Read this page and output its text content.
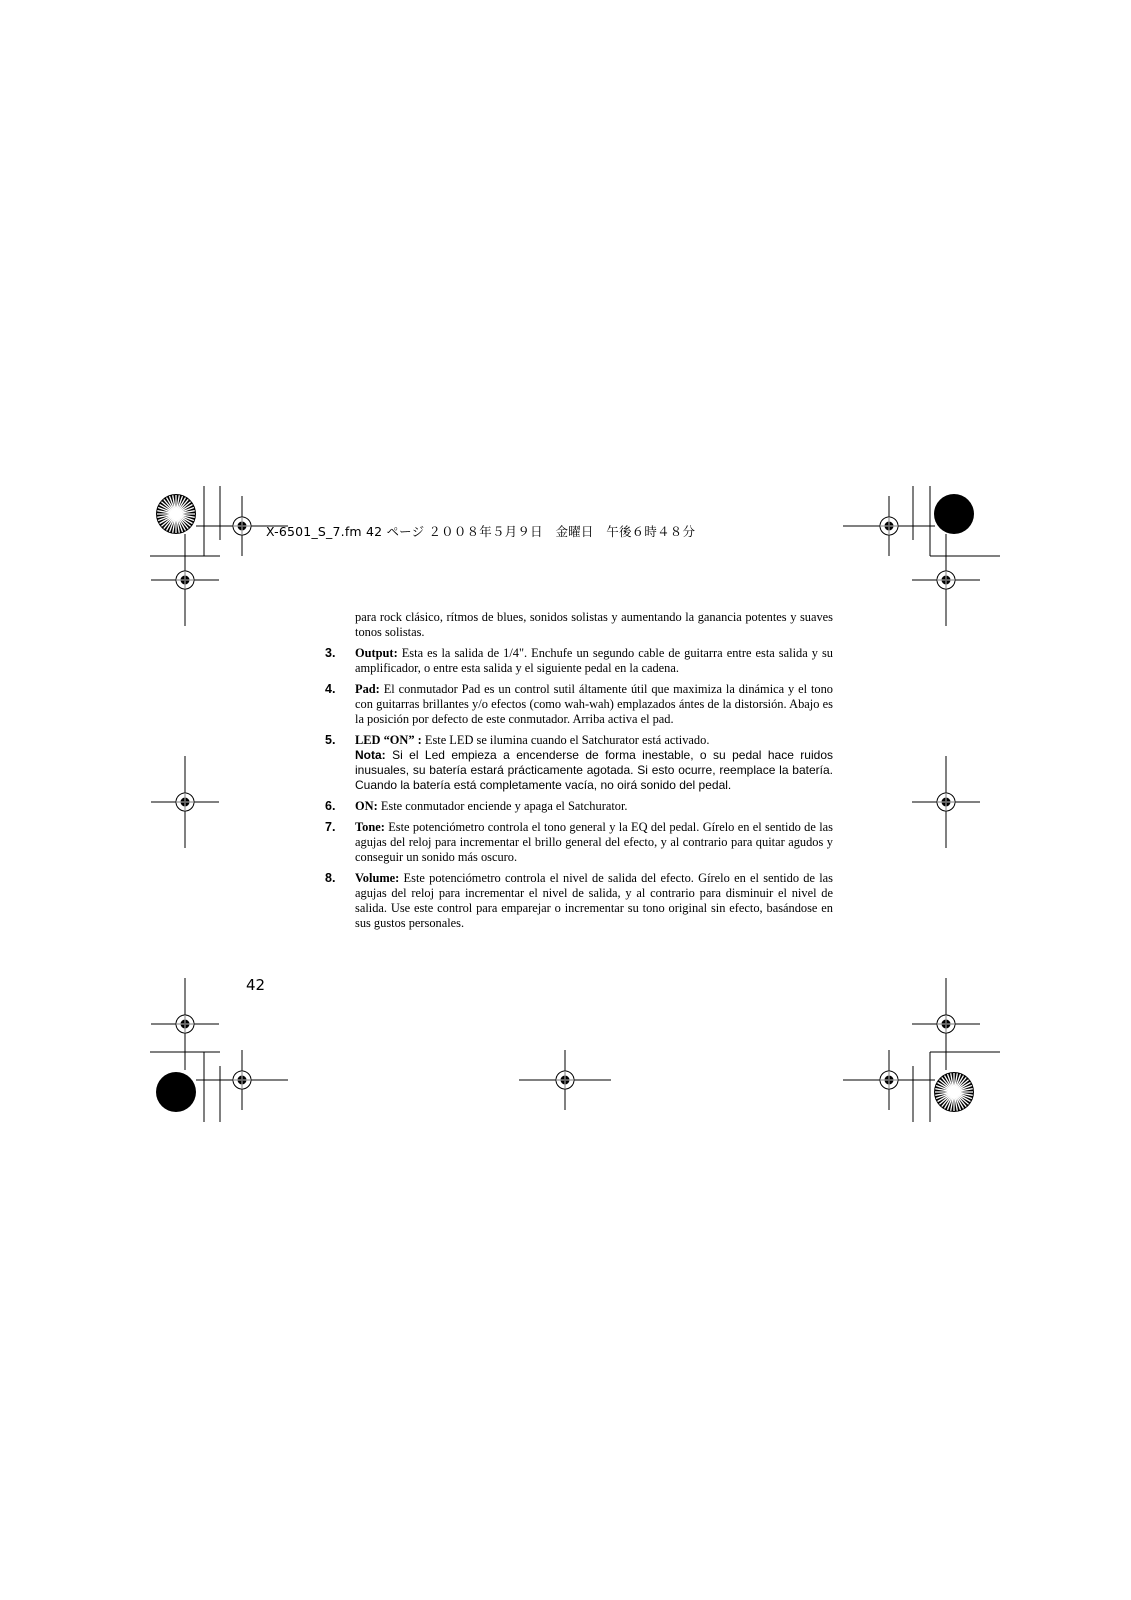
X-6501_S_7.fm 42 ページ ２００８年５月９日　金曜日　午後６時４８分

para rock clásico, rítmos de blues, sonidos solistas y aumentando la ganancia potentes y suaves tonos solistas.

3. Output: Esta es la salida de 1/4". Enchufe un segundo cable de guitarra entre esta salida y su amplificador, o entre esta salida y el siguiente pedal en la cadena.
4. Pad: El conmutador Pad es un control sutil áltamente útil que maximiza la dinámica y el tono con guitarras brillantes y/o efectos (como wah-wah) emplazados ántes de la distorsión. Abajo es la posición por defecto de este conmutador. Arriba activa el pad.
5. LED “ON” : Este LED se ilumina cuando el Satchurator está activado.
Nota: Si el Led empieza a encenderse de forma inestable, o su pedal hace ruidos inusuales, su batería estará prácticamente agotada. Si esto ocurre, reemplace la batería. Cuando la batería está completamente vacía, no oirá sonido del pedal.
6. ON: Este conmutador enciende y apaga el Satchurator.
7. Tone: Este potenciómetro controla el tono general y la EQ del pedal. Gírelo en el sentido de las agujas del reloj para incrementar el brillo general del efecto, y al contrario para quitar agudos y conseguir un sonido más oscuro.
8. Volume: Este potenciómetro controla el nivel de salida del efecto. Gírelo en el sentido de las agujas del reloj para incrementar el nivel de salida, y al contrario para disminuir el nivel de salida. Use este control para emparejar o incrementar su tono original sin efecto, basándose en sus gustos personales.
42
